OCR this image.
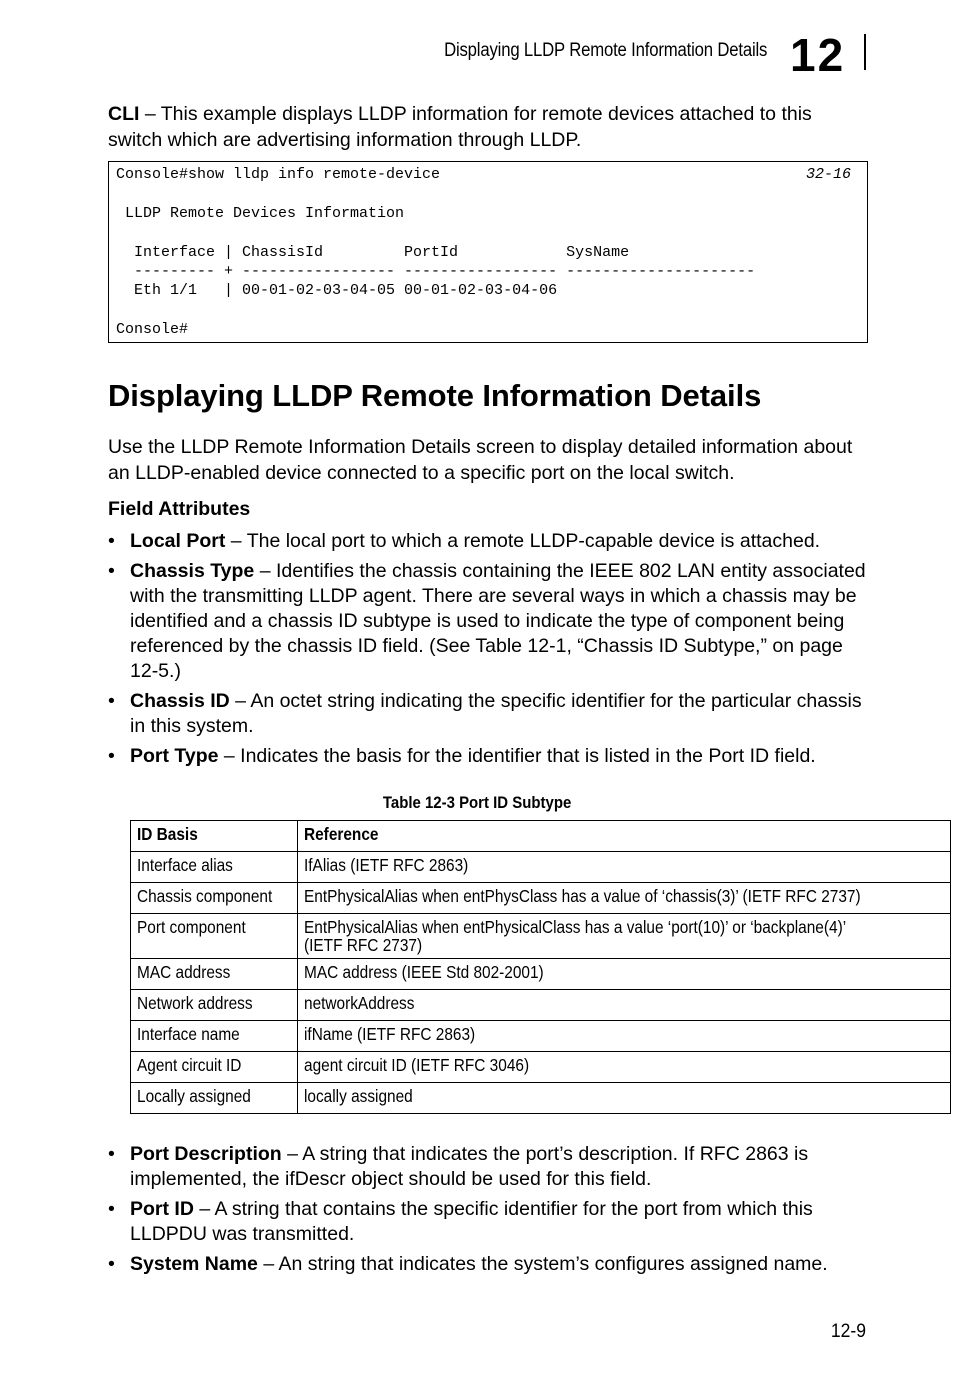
Displaying LLDP Remote Information Details 12

CLI – This example displays LLDP information for remote devices attached to this switch which are advertising information through LLDP.

Console#show lldp info remote-device

LLDP Remote Devices Information

Interface | ChassisId         PortId            SysName
--------- + ----------------- ----------------- ---------------------
Eth 1/1   | 00-01-02-03-04-05 00-01-02-03-04-06

Console#
32-16
Displaying LLDP Remote Information Details

Use the LLDP Remote Information Details screen to display detailed information about an LLDP-enabled device connected to a specific port on the local switch.

Field Attributes
• Local Port – The local port to which a remote LLDP-capable device is attached.
• Chassis Type – Identifies the chassis containing the IEEE 802 LAN entity associated with the transmitting LLDP agent. There are several ways in which a chassis may be identified and a chassis ID subtype is used to indicate the type of component being referenced by the chassis ID field. (See Table 12-1, “Chassis ID Subtype,” on page 12-5.)
• Chassis ID – An octet string indicating the specific identifier for the particular chassis in this system.
• Port Type – Indicates the basis for the identifier that is listed in the Port ID field.
Table 12-3 Port ID Subtype
ID Basis	Reference
Interface alias	IfAlias (IETF RFC 2863)
Chassis component	EntPhysicalAlias when entPhysClass has a value of ‘chassis(3)’ (IETF RFC 2737)
Port component	EntPhysicalAlias when entPhysicalClass has a value ‘port(10)’ or ‘backplane(4)’ (IETF RFC 2737)
MAC address	MAC address (IEEE Std 802-2001)
Network address	networkAddress
Interface name	ifName (IETF RFC 2863)
Agent circuit ID	agent circuit ID (IETF RFC 3046)
Locally assigned	locally assigned
• Port Description – A string that indicates the port’s description. If RFC 2863 is implemented, the ifDescr object should be used for this field.
• Port ID – A string that contains the specific identifier for the port from which this LLDPDU was transmitted.
• System Name – An string that indicates the system’s configures assigned name.
12-9
